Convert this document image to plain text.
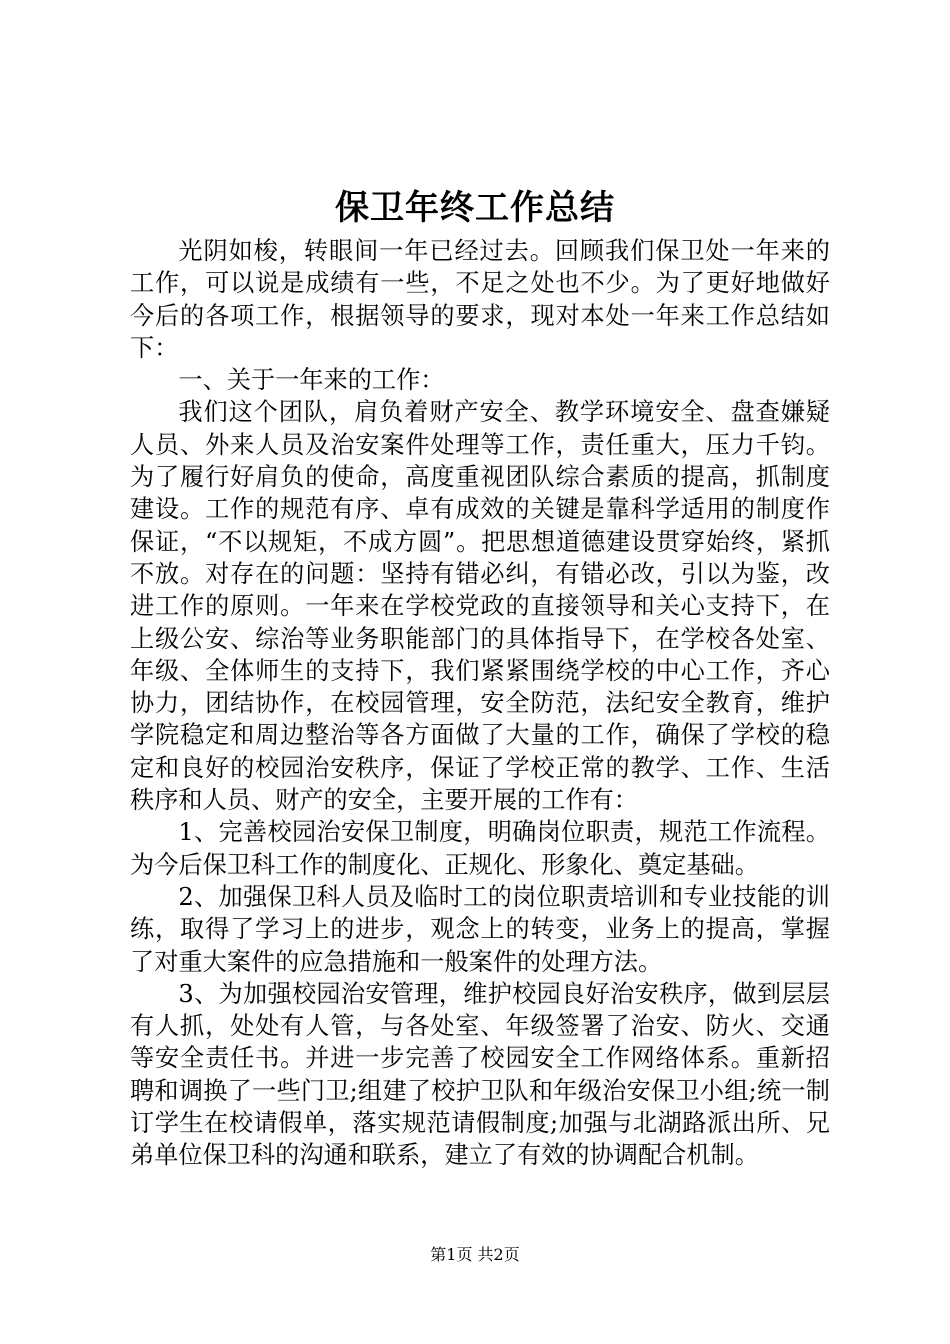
保卫年终工作总结

光阴如梭，转眼间一年已经过去。回顾我们保卫处一年来的工作，可以说是成绩有一些，不足之处也不少。为了更好地做好今后的各项工作，根据领导的要求，现对本处一年来工作总结如下：

一、关于一年来的工作：

我们这个团队，肩负着财产安全、教学环境安全、盘查嫌疑人员、外来人员及治安案件处理等工作，责任重大，压力千钧。为了履行好肩负的使命，高度重视团队综合素质的提高，抓制度建设。工作的规范有序、卓有成效的关键是靠科学适用的制度作保证，“不以规矩，不成方圆”。把思想道德建设贯穿始终，紧抓不放。对存在的问题：坚持有错必纠，有错必改，引以为鉴，改进工作的原则。一年来在学校党政的直接领导和关心支持下，在上级公安、综治等业务职能部门的具体指导下，在学校各处室、年级、全体师生的支持下，我们紧紧围绕学校的中心工作，齐心协力，团结协作，在校园管理，安全防范，法纪安全教育，维护学院稳定和周边整治等各方面做了大量的工作，确保了学校的稳定和良好的校园治安秩序，保证了学校正常的教学、工作、生活秩序和人员、财产的安全，主要开展的工作有：

1、完善校园治安保卫制度，明确岗位职责，规范工作流程。为今后保卫科工作的制度化、正规化、形象化、奠定基础。

2、加强保卫科人员及临时工的岗位职责培训和专业技能的训练，取得了学习上的进步，观念上的转变，业务上的提高，掌握了对重大案件的应急措施和一般案件的处理方法。

3、为加强校园治安管理，维护校园良好治安秩序，做到层层有人抓，处处有人管，与各处室、年级签署了治安、防火、交通等安全责任书。并进一步完善了校园安全工作网络体系。重新招聘和调换了一些门卫;组建了校护卫队和年级治安保卫小组;统一制订学生在校请假单，落实规范请假制度;加强与北湖路派出所、兄弟单位保卫科的沟通和联系，建立了有效的协调配合机制。

第1页 共2页
